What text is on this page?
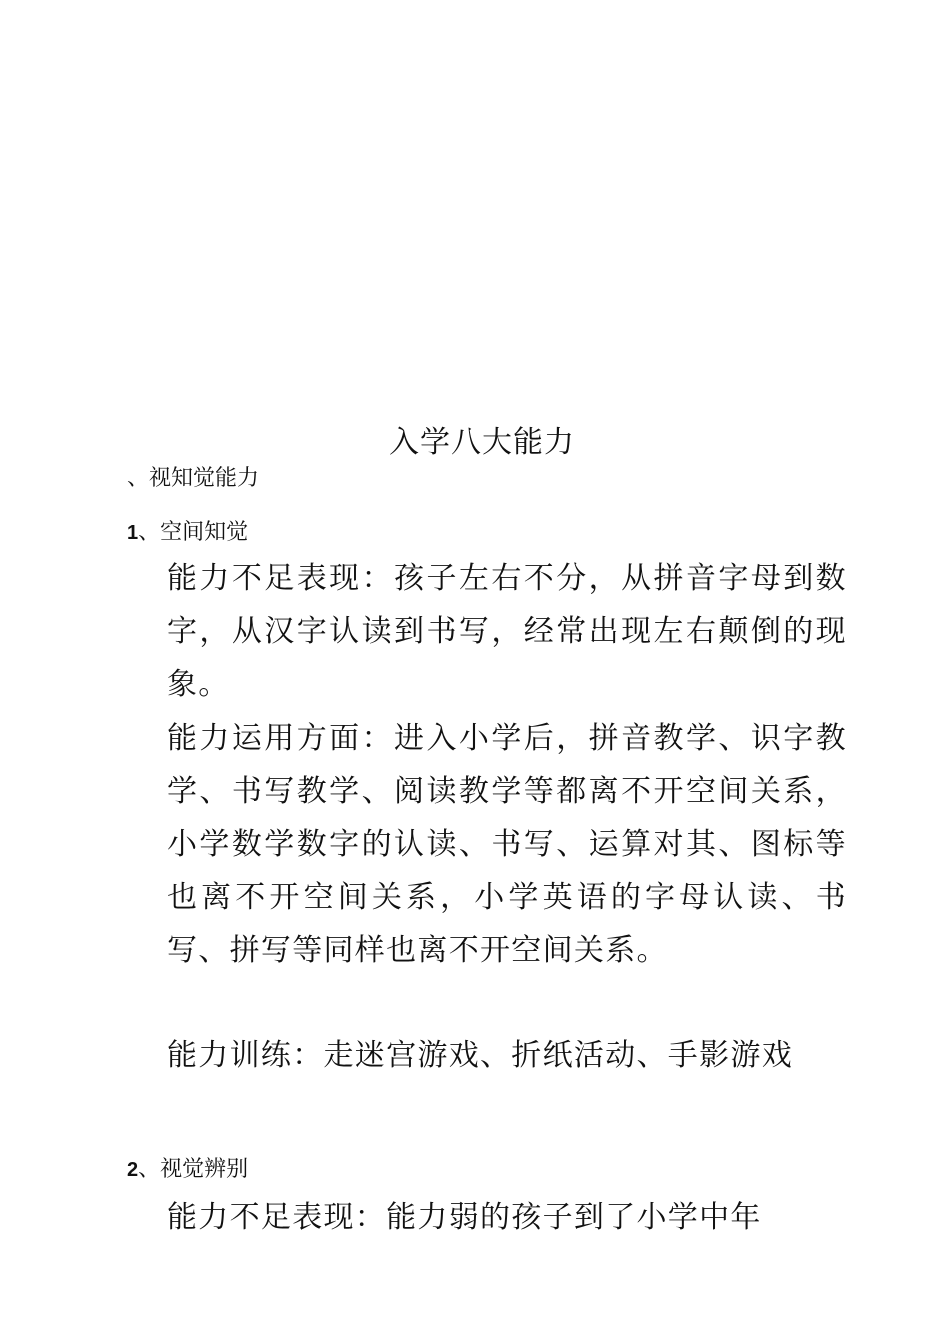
入学八大能力
、视知觉能力
1、空间知觉

能力不足表现：孩子左右不分，从拼音字母到数字，从汉字认读到书写，经常出现左右颠倒的现象。

能力运用方面：进入小学后，拼音教学、识字教学、书写教学、阅读教学等都离不开空间关系，小学数学数字的认读、书写、运算对其、图标等也离不开空间关系，小学英语的字母认读、书写、拼写等同样也离不开空间关系。

能力训练：走迷宫游戏、折纸活动、手影游戏

2、视觉辨别

能力不足表现：能力弱的孩子到了小学中年
